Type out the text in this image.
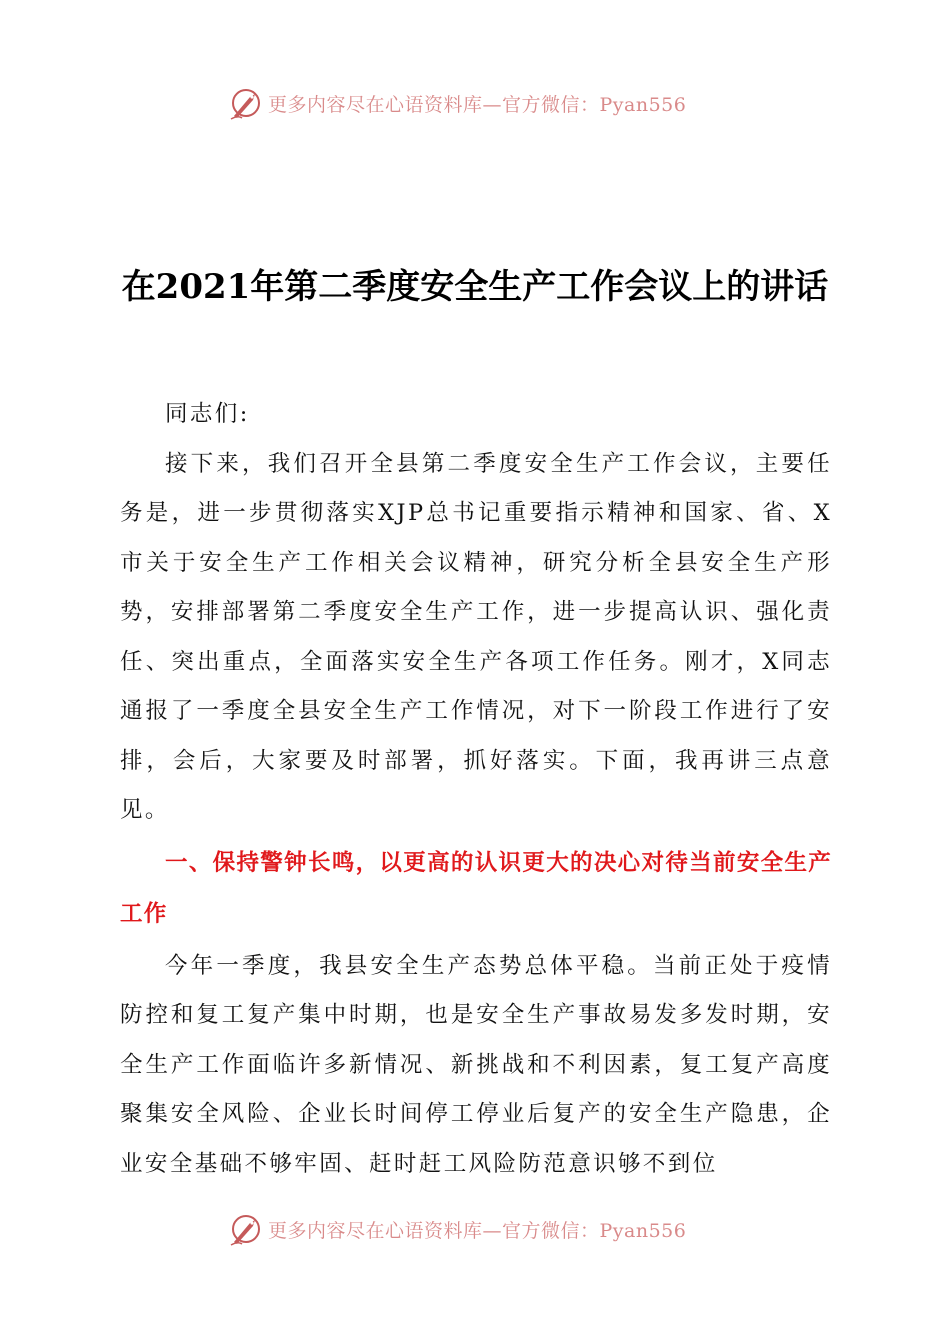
更多内容尽在心语资料库—官方微信：Pyan556
在2021年第二季度安全生产工作会议上的讲话

同志们:

接下来，我们召开全县第二季度安全生产工作会议，主要任务是，进一步贯彻落实XJP总书记重要指示精神和国家、省、X市关于安全生产工作相关会议精神，研究分析全县安全生产形势，安排部署第二季度安全生产工作，进一步提高认识、强化责任、突出重点，全面落实安全生产各项工作任务。刚才，X同志通报了一季度全县安全生产工作情况，对下一阶段工作进行了安排，会后，大家要及时部署，抓好落实。下面，我再讲三点意见。

一、保持警钟长鸣，以更高的认识更大的决心对待当前安全生产工作

今年一季度，我县安全生产态势总体平稳。当前正处于疫情防控和复工复产集中时期，也是安全生产事故易发多发时期，安全生产工作面临许多新情况、新挑战和不利因素，复工复产高度聚集安全风险、企业长时间停工停业后复产的安全生产隐患，企业安全基础不够牢固、赶时赶工风险防范意识够不到位

更多内容尽在心语资料库—官方微信：Pyan556
